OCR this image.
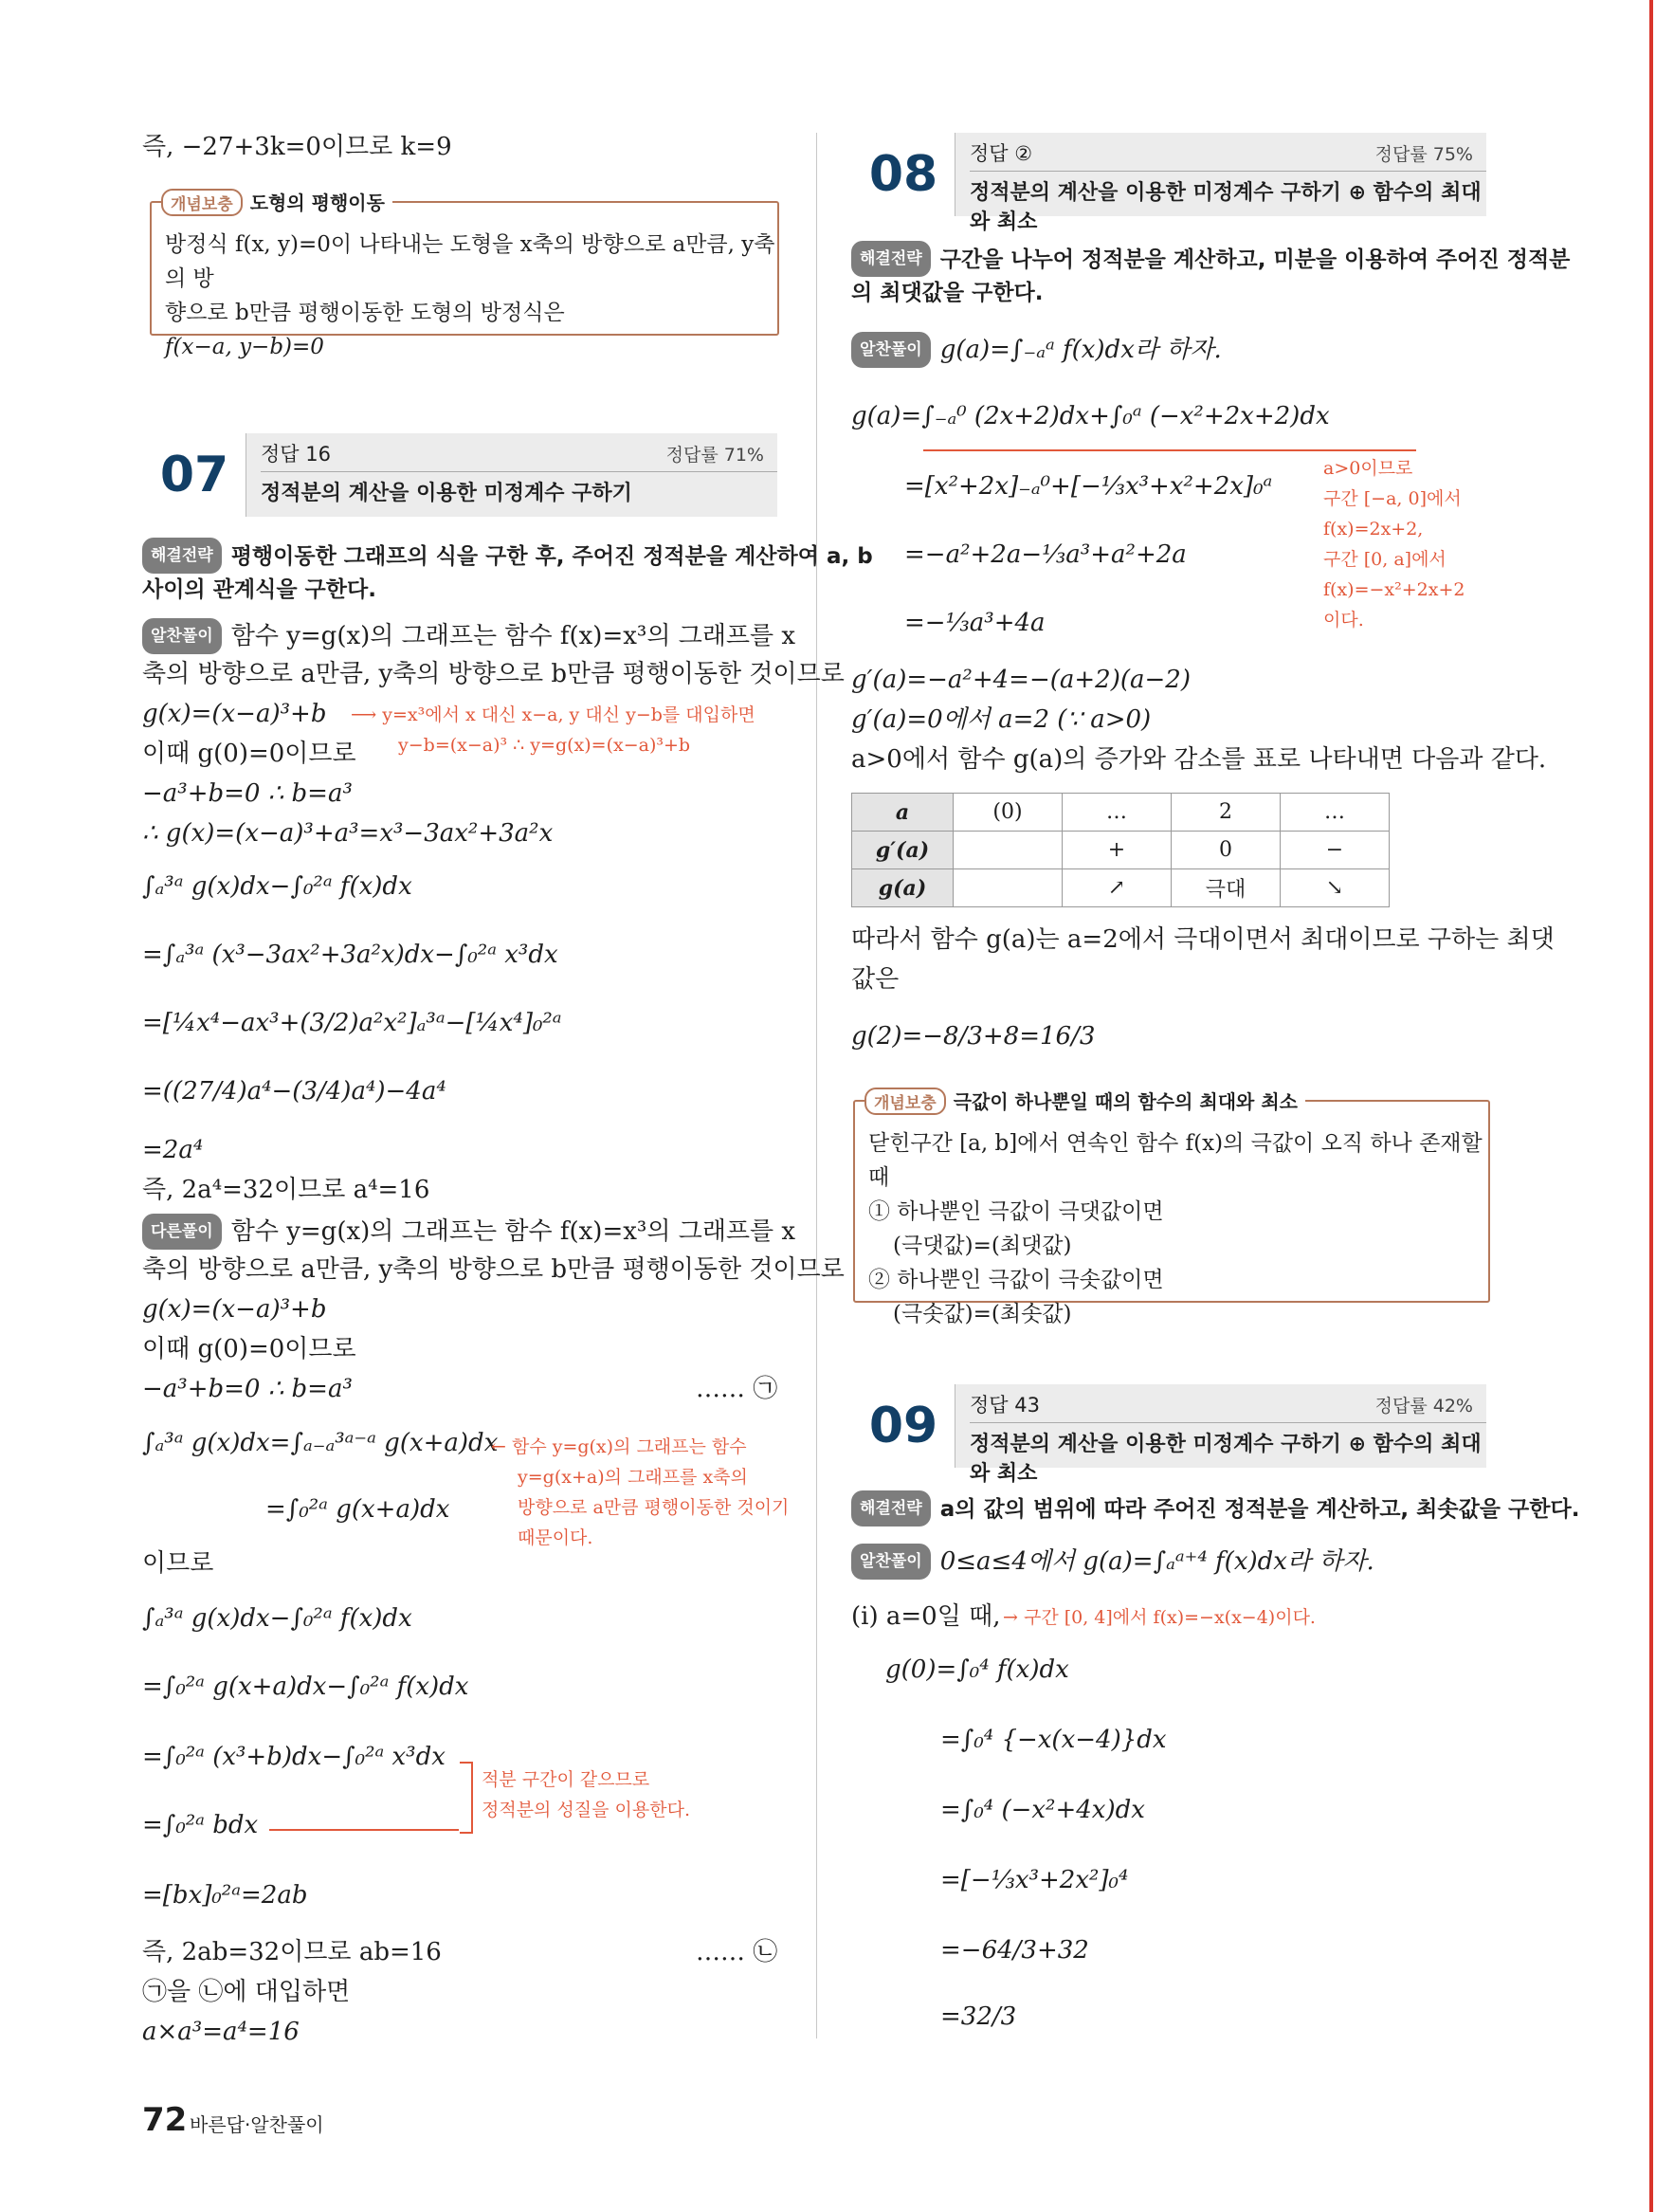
즉, −27+3k=0이므로 k=9
개념보충 도형의 평행이동
방정식 f(x, y)=0이 나타내는 도형을 x축의 방향으로 a만큼, y축의 방
향으로 b만큼 평행이동한 도형의 방정식은
f(x−a, y−b)=0
07	정답 16	정답률 71%
정적분의 계산을 이용한 미정계수 구하기
해결전략 평행이동한 그래프의 식을 구한 후, 주어진 정적분을 계산하여 a, b
사이의 관계식을 구한다.
알찬풀이 함수 y=g(x)의 그래프는 함수 f(x)=x³의 그래프를 x
축의 방향으로 a만큼, y축의 방향으로 b만큼 평행이동한 것이므로
g(x)=(x−a)³+b
이때 g(0)=0이므로
−a³+b=0 ∴ b=a³
∴ g(x)=(x−a)³+a³=x³−3ax²+3a²x
∫ₐ³ᵃ g(x)dx−∫₀²ᵃ f(x)dx
=∫ₐ³ᵃ (x³−3ax²+3a²x)dx−∫₀²ᵃ x³dx
=[¼x⁴−ax³+(3/2)a²x²]ₐ³ᵃ−[¼x⁴]₀²ᵃ
=((27/4)a⁴−(3/4)a⁴)−4a⁴
=2a⁴
즉, 2a⁴=32이므로 a⁴=16
⟶ y=x³에서 x 대신 x−a, y 대신 y−b를 대입하면
y−b=(x−a)³ ∴ y=g(x)=(x−a)³+b
다른풀이 함수 y=g(x)의 그래프는 함수 f(x)=x³의 그래프를 x
축의 방향으로 a만큼, y축의 방향으로 b만큼 평행이동한 것이므로
g(x)=(x−a)³+b
이때 g(0)=0이므로
−a³+b=0 ∴ b=a³	…… ㉠
∫ₐ³ᵃ g(x)dx=∫ₐ₋ₐ³ᵃ⁻ᵃ g(x+a)dx
=∫₀²ᵃ g(x+a)dx
이므로
∫ₐ³ᵃ g(x)dx−∫₀²ᵃ f(x)dx
=∫₀²ᵃ g(x+a)dx−∫₀²ᵃ f(x)dx
=∫₀²ᵃ (x³+b)dx−∫₀²ᵃ x³dx
=∫₀²ᵃ bdx
=[bx]₀²ᵃ=2ab
즉, 2ab=32이므로 ab=16	…… ㉡
㉠을 ㉡에 대입하면
a×a³=a⁴=16
← 함수 y=g(x)의 그래프는 함수
y=g(x+a)의 그래프를 x축의
방향으로 a만큼 평행이동한 것이기
때문이다.
적분 구간이 같으므로
정적분의 성질을 이용한다.
08	정답 ②	정답률 75%
정적분의 계산을 이용한 미정계수 구하기 ⊕ 함수의 최대와 최소
해결전략 구간을 나누어 정적분을 계산하고, 미분을 이용하여 주어진 정적분
의 최댓값을 구한다.
알찬풀이 g(a)=∫₋ₐᵃ f(x)dx라 하자.
g(a)=∫₋ₐ⁰ (2x+2)dx+∫₀ᵃ (−x²+2x+2)dx
=[x²+2x]₋ₐ⁰+[−⅓x³+x²+2x]₀ᵃ
=−a²+2a−⅓a³+a²+2a
=−⅓a³+4a
g′(a)=−a²+4=−(a+2)(a−2)
g′(a)=0에서 a=2 (∵ a>0)
a>0에서 함수 g(a)의 증가와 감소를 표로 나타내면 다음과 같다.
a>0이므로
구간 [−a, 0]에서
f(x)=2x+2,
구간 [0, a]에서
f(x)=−x²+2x+2
이다.
a	(0)	…	2	…
g′(a)		+	0	−
g(a)		↗	극대	↘
따라서 함수 g(a)는 a=2에서 극대이면서 최대이므로 구하는 최댓
값은
g(2)=−8/3+8=16/3
개념보충 극값이 하나뿐일 때의 함수의 최대와 최소
닫힌구간 [a, b]에서 연속인 함수 f(x)의 극값이 오직 하나 존재할 때
① 하나뿐인 극값이 극댓값이면
(극댓값)=(최댓값)
② 하나뿐인 극값이 극솟값이면
(극솟값)=(최솟값)
09	정답 43	정답률 42%
정적분의 계산을 이용한 미정계수 구하기 ⊕ 함수의 최대와 최소
해결전략 a의 값의 범위에 따라 주어진 정적분을 계산하고, 최솟값을 구한다.
알찬풀이 0≤a≤4에서 g(a)=∫ₐᵃ⁺⁴ f(x)dx라 하자.
(i) a=0일 때, → 구간 [0, 4]에서 f(x)=−x(x−4)이다.
g(0)=∫₀⁴ f(x)dx
=∫₀⁴ {−x(x−4)}dx
=∫₀⁴ (−x²+4x)dx
=[−⅓x³+2x²]₀⁴
=−64/3+32
=32/3
72 바른답·알찬풀이
